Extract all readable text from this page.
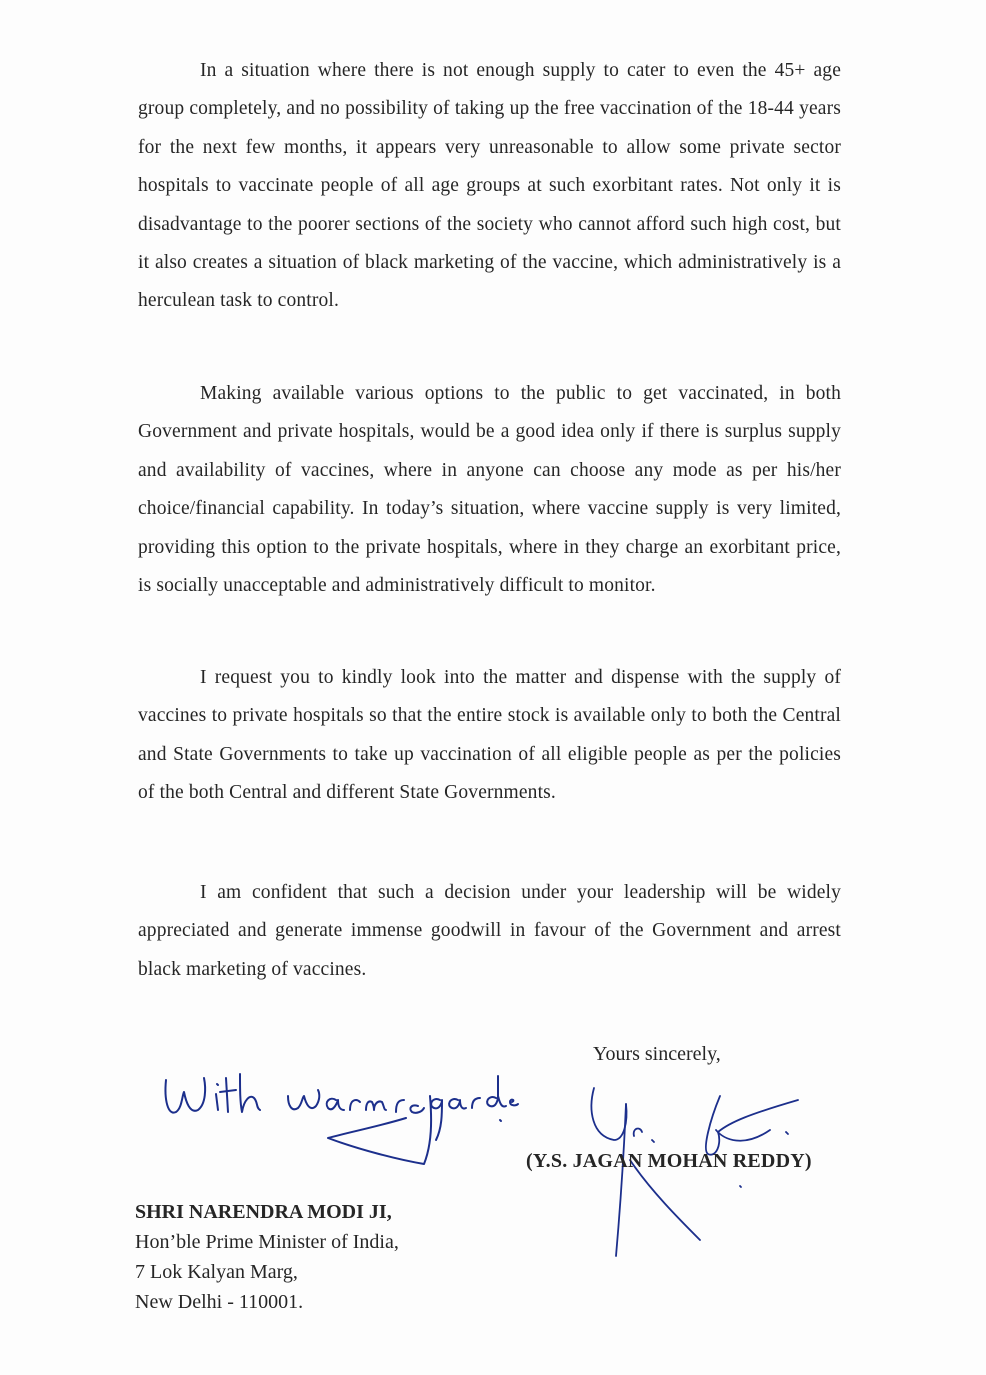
In a situation where there is not enough supply to cater to even the 45+ age group completely, and no possibility of taking up the free vaccination of the 18-44 years for the next few months, it appears very unreasonable to allow some private sector hospitals to vaccinate people of all age groups at such exorbitant rates. Not only it is disadvantage to the poorer sections of the society who cannot afford such high cost, but it also creates a situation of black marketing of the vaccine, which administratively is a herculean task to control.

Making available various options to the public to get vaccinated, in both Government and private hospitals, would be a good idea only if there is surplus supply and availability of vaccines, where in anyone can choose any mode as per his/her choice/financial capability. In today’s situation, where vaccine supply is very limited, providing this option to the private hospitals, where in they charge an exorbitant price, is socially unacceptable and administratively difficult to monitor.

I request you to kindly look into the matter and dispense with the supply of vaccines to private hospitals so that the entire stock is available only to both the Central and State Governments to take up vaccination of all eligible people as per the policies of the both Central and different State Governments.

I am confident that such a decision under your leadership will be widely appreciated and generate immense goodwill in favour of the Government and arrest black marketing of vaccines.

Yours sincerely,

(Y.S. JAGAN MOHAN REDDY)

SHRI NARENDRA MODI JI,
Hon’ble Prime Minister of India,
7 Lok Kalyan Marg,
New Delhi - 110001.
